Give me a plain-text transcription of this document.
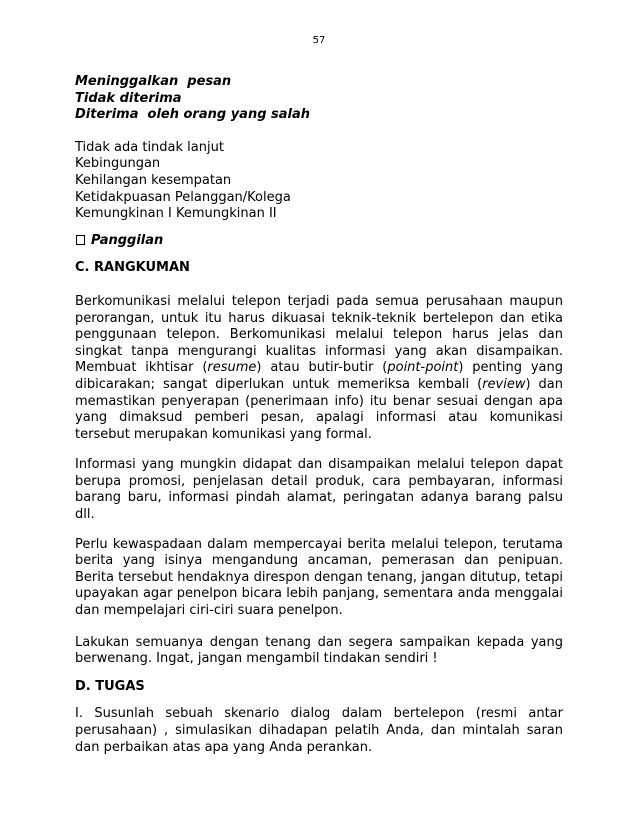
57
Meninggalkan  pesan
Tidak diterima
Diterima  oleh orang yang salah
Tidak ada tindak lanjut
Kebingungan
Kehilangan kesempatan
Ketidakpuasan Pelanggan/Kolega
Kemungkinan I Kemungkinan II
Panggilan
C. RANGKUMAN

Berkomunikasi melalui telepon terjadi pada semua perusahaan maupun perorangan, untuk itu harus dikuasai teknik-teknik bertelepon dan etika penggunaan telepon. Berkomunikasi melalui telepon harus jelas dan singkat tanpa mengurangi kualitas informasi yang akan disampaikan. Membuat ikhtisar (resume) atau butir-butir (point-point) penting yang dibicarakan; sangat diperlukan untuk memeriksa kembali (review) dan memastikan penyerapan (penerimaan info) itu benar sesuai dengan apa yang dimaksud pemberi pesan, apalagi informasi atau komunikasi tersebut merupakan komunikasi yang formal.

Informasi yang mungkin didapat dan disampaikan melalui telepon dapat berupa promosi, penjelasan detail produk, cara pembayaran, informasi barang baru, informasi pindah alamat, peringatan adanya barang palsu dll.

Perlu kewaspadaan dalam mempercayai berita melalui telepon, terutama berita yang isinya mengandung ancaman, pemerasan dan penipuan. Berita tersebut hendaknya direspon dengan tenang, jangan ditutup, tetapi upayakan agar penelpon bicara lebih panjang, sementara anda menggalai dan mempelajari ciri-ciri suara penelpon.

Lakukan semuanya dengan tenang dan segera sampaikan kepada yang berwenang. Ingat, jangan mengambil tindakan sendiri !

D. TUGAS

I. Susunlah sebuah skenario dialog dalam bertelepon (resmi antar perusahaan) , simulasikan dihadapan pelatih Anda, dan mintalah saran dan perbaikan atas apa yang Anda perankan.
